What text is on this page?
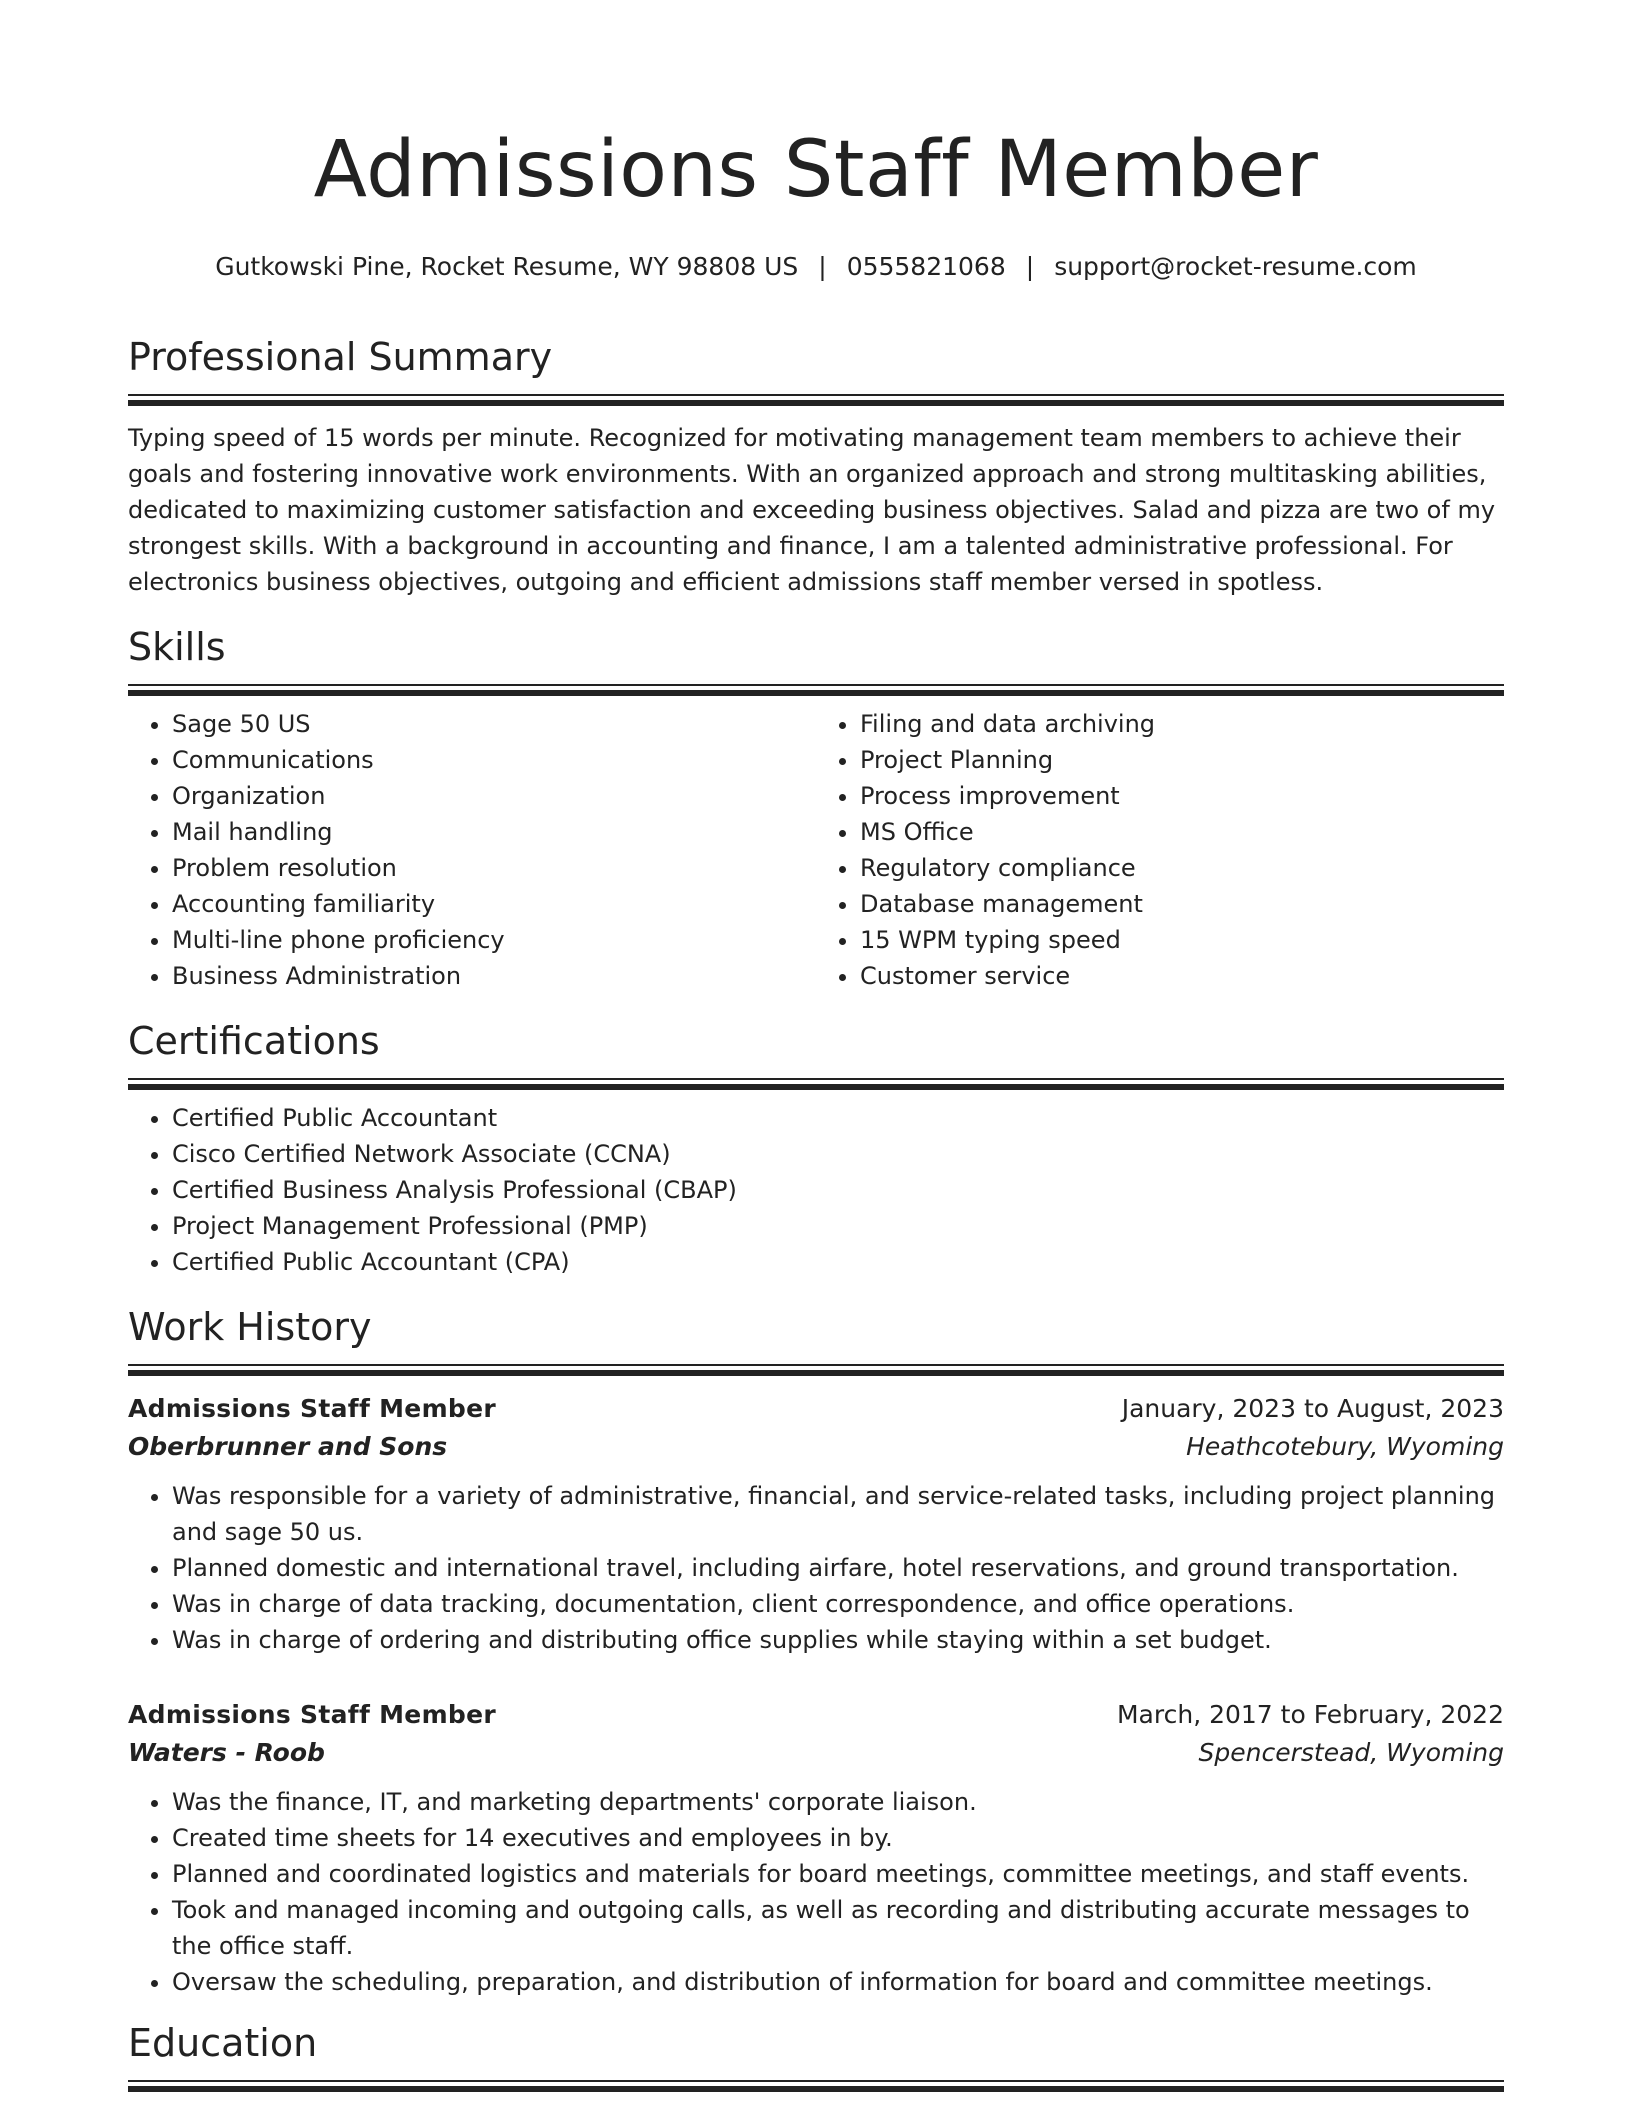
Admissions Staff Member
Gutkowski Pine, Rocket Resume, WY 98808 US | 0555821068 | support@rocket-resume.com
Professional Summary

Typing speed of 15 words per minute. Recognized for motivating management team members to achieve their goals and fostering innovative work environments. With an organized approach and strong multitasking abilities, dedicated to maximizing customer satisfaction and exceeding business objectives. Salad and pizza are two of my strongest skills. With a background in accounting and finance, I am a talented administrative professional. For electronics business objectives, outgoing and efficient admissions staff member versed in spotless.

Skills
• Sage 50 US
• Communications
• Organization
• Mail handling
• Problem resolution
• Accounting familiarity
• Multi-line phone proficiency
• Business Administration
• Filing and data archiving
• Project Planning
• Process improvement
• MS Office
• Regulatory compliance
• Database management
• 15 WPM typing speed
• Customer service
Certifications
• Certified Public Accountant
• Cisco Certified Network Associate (CCNA)
• Certified Business Analysis Professional (CBAP)
• Project Management Professional (PMP)
• Certified Public Accountant (CPA)
Work History
Admissions Staff Member	January, 2023 to August, 2023
Oberbrunner and Sons	Heathcotebury, Wyoming
• Was responsible for a variety of administrative, financial, and service-related tasks, including project planning and sage 50 us.
• Planned domestic and international travel, including airfare, hotel reservations, and ground transportation.
• Was in charge of data tracking, documentation, client correspondence, and office operations.
• Was in charge of ordering and distributing office supplies while staying within a set budget.
Admissions Staff Member	March, 2017 to February, 2022
Waters - Roob	Spencerstead, Wyoming
• Was the finance, IT, and marketing departments' corporate liaison.
• Created time sheets for 14 executives and employees in by.
• Planned and coordinated logistics and materials for board meetings, committee meetings, and staff events.
• Took and managed incoming and outgoing calls, as well as recording and distributing accurate messages to the office staff.
• Oversaw the scheduling, preparation, and distribution of information for board and committee meetings.
Education
